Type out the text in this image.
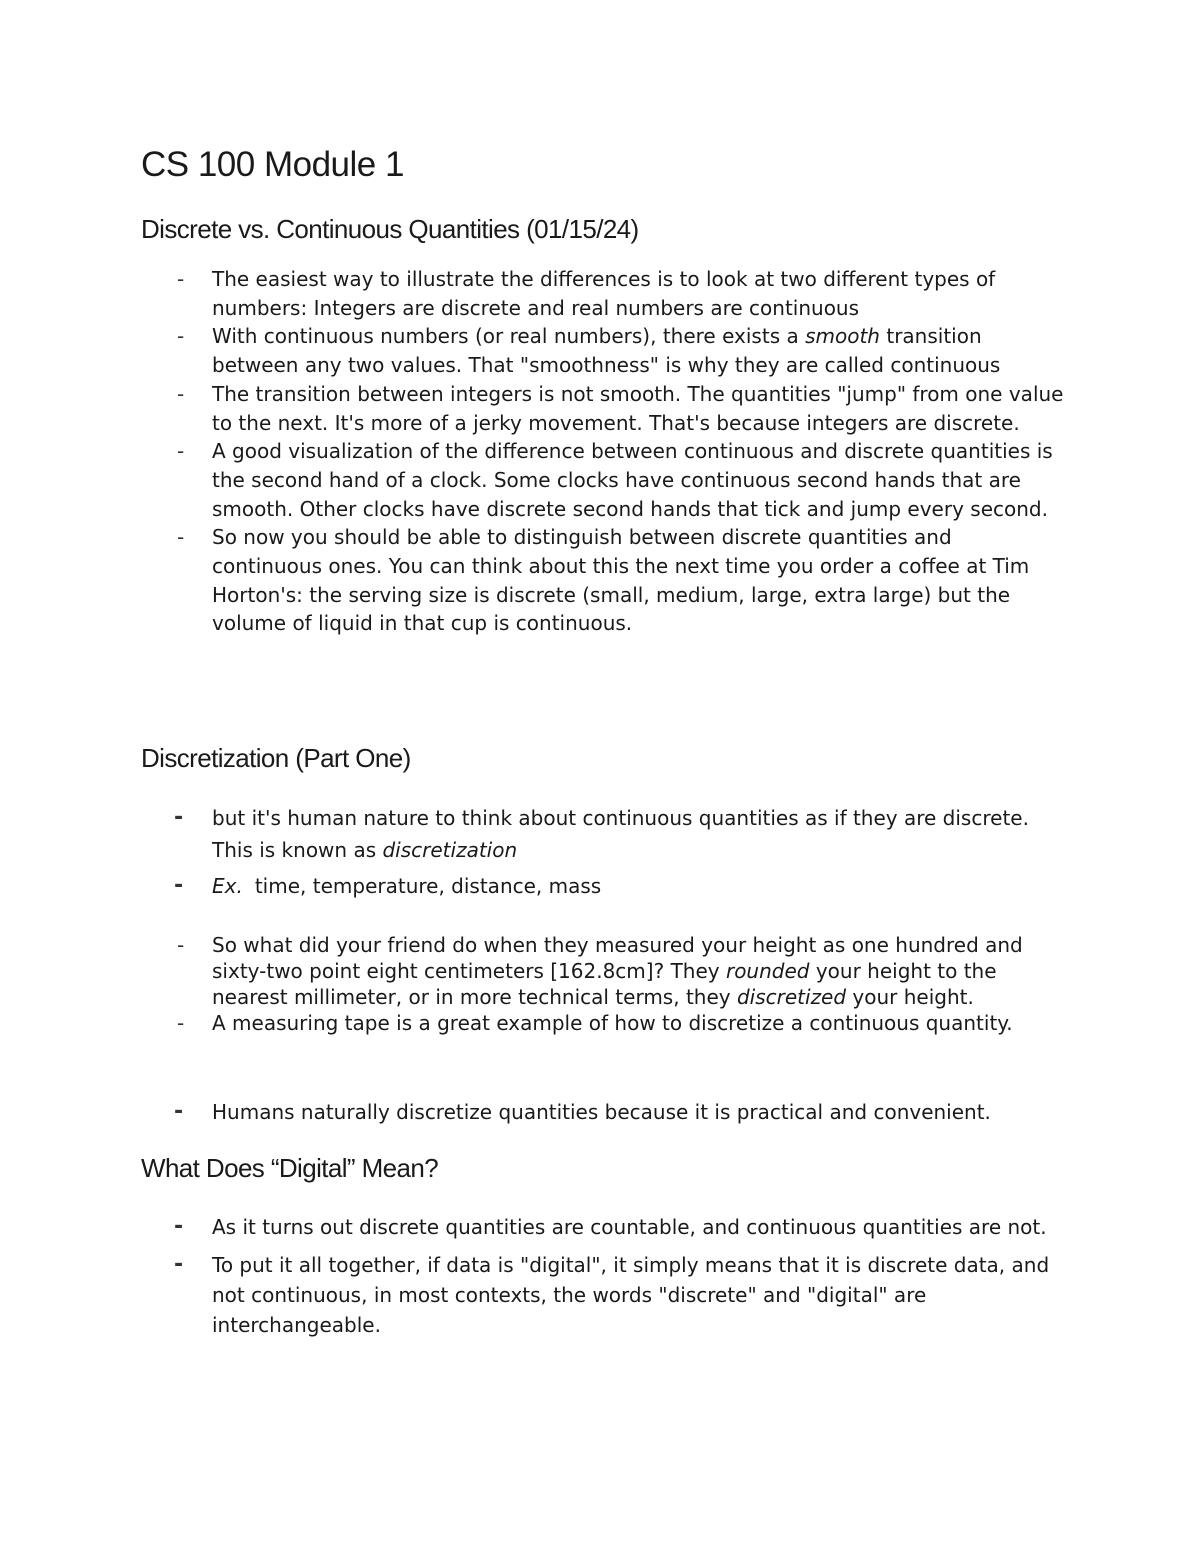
CS 100 Module 1
Discrete vs. Continuous Quantities (01/15/24)
- The easiest way to illustrate the differences is to look at two different types of numbers: Integers are discrete and real numbers are continuous
- With continuous numbers (or real numbers), there exists a smooth transition between any two values. That "smoothness" is why they are called continuous
- The transition between integers is not smooth. The quantities "jump" from one value to the next. It's more of a jerky movement. That's because integers are discrete.
- A good visualization of the difference between continuous and discrete quantities is the second hand of a clock. Some clocks have continuous second hands that are smooth. Other clocks have discrete second hands that tick and jump every second.
- So now you should be able to distinguish between discrete quantities and continuous ones. You can think about this the next time you order a coffee at Tim Horton's: the serving size is discrete (small, medium, large, extra large) but the volume of liquid in that cup is continuous.
Discretization (Part One)
- but it's human nature to think about continuous quantities as if they are discrete. This is known as discretization
- Ex. time, temperature, distance, mass
- So what did your friend do when they measured your height as one hundred and sixty-two point eight centimeters [162.8cm]? They rounded your height to the nearest millimeter, or in more technical terms, they discretized your height.
- A measuring tape is a great example of how to discretize a continuous quantity.
- Humans naturally discretize quantities because it is practical and convenient.
What Does “Digital” Mean?
- As it turns out discrete quantities are countable, and continuous quantities are not.
- To put it all together, if data is "digital", it simply means that it is discrete data, and not continuous, in most contexts, the words "discrete" and "digital" are interchangeable.
